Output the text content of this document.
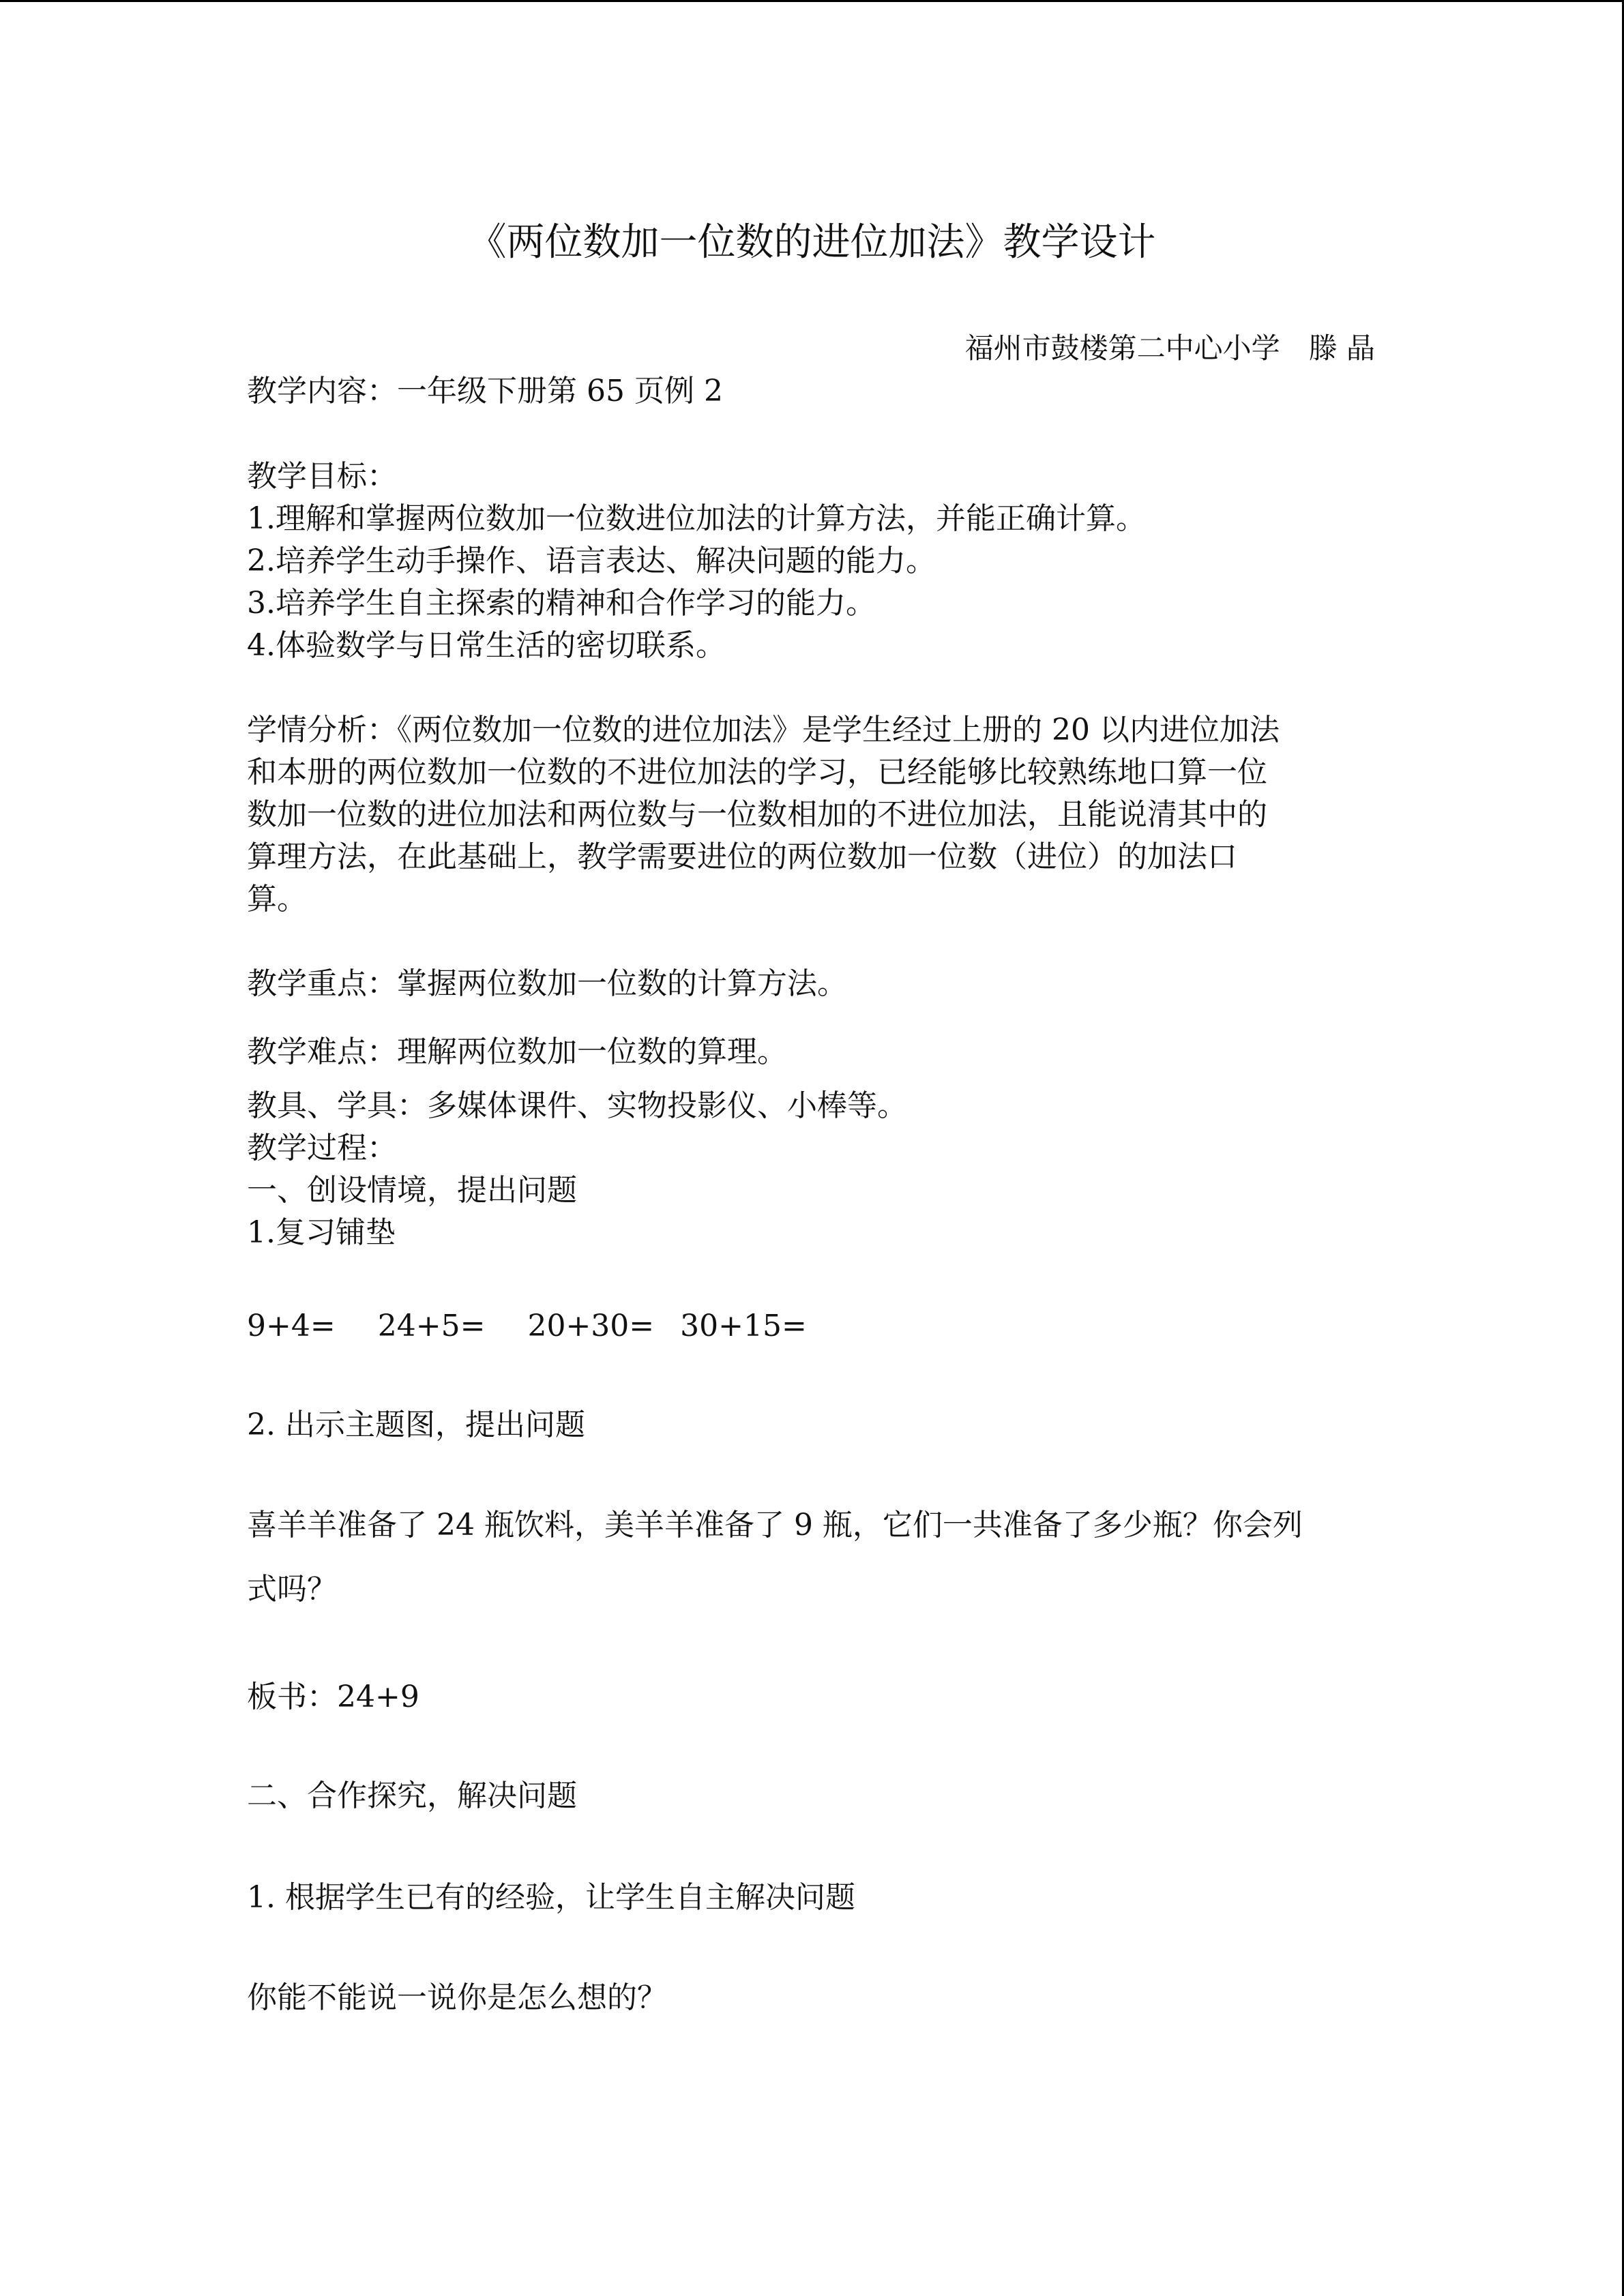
《两位数加一位数的进位加法》教学设计
福州市鼓楼第二中心小学　滕 晶
教学内容：一年级下册第 65 页例 2
教学目标：
1.理解和掌握两位数加一位数进位加法的计算方法，并能正确计算。
2.培养学生动手操作、语言表达、解决问题的能力。
3.培养学生自主探索的精神和合作学习的能力。
4.体验数学与日常生活的密切联系。
学情分析：《两位数加一位数的进位加法》是学生经过上册的 20 以内进位加法
和本册的两位数加一位数的不进位加法的学习，已经能够比较熟练地口算一位
数加一位数的进位加法和两位数与一位数相加的不进位加法，且能说清其中的
算理方法，在此基础上，教学需要进位的两位数加一位数（进位）的加法口
算。
教学重点：掌握两位数加一位数的计算方法。
教学难点：理解两位数加一位数的算理。
教具、学具：多媒体课件、实物投影仪、小棒等。
教学过程：
一、创设情境，提出问题
1.复习铺垫
9+4= 24+5= 20+30= 30+15=
2. 出示主题图，提出问题
喜羊羊准备了 24 瓶饮料，美羊羊准备了 9 瓶，它们一共准备了多少瓶？你会列
式吗？
板书：24+9
二、合作探究，解决问题
1. 根据学生已有的经验，让学生自主解决问题
你能不能说一说你是怎么想的？
